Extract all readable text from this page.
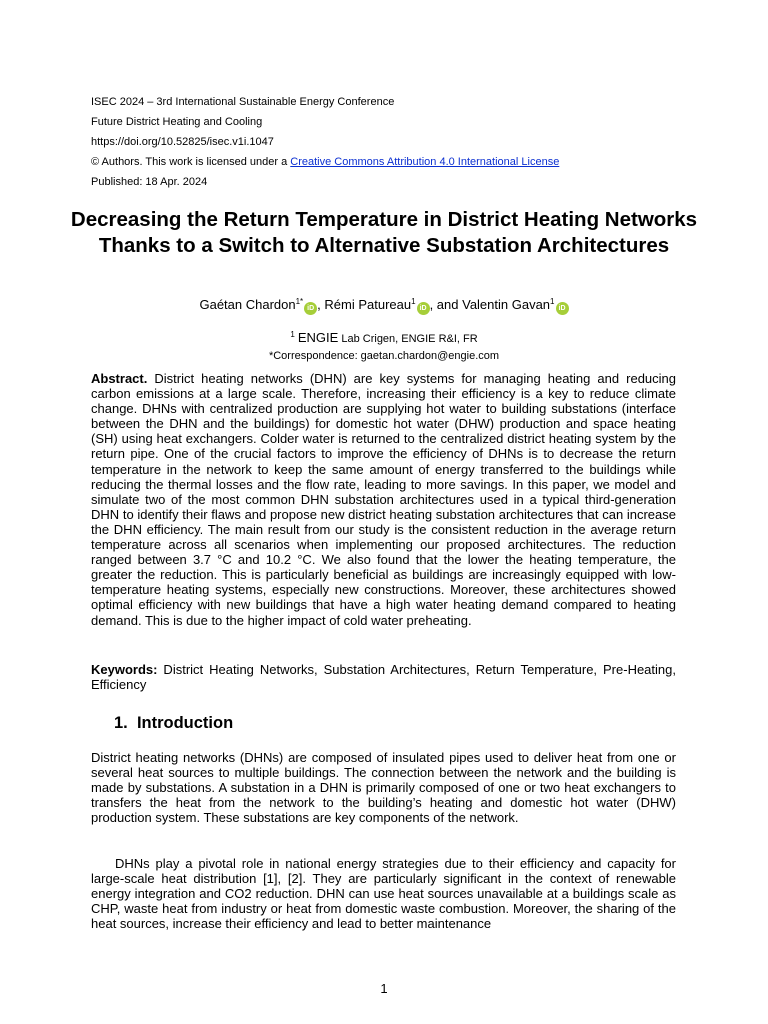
ISEC 2024 – 3rd International Sustainable Energy Conference
Future District Heating and Cooling
https://doi.org/10.52825/isec.v1i.1047
© Authors. This work is licensed under a Creative Commons Attribution 4.0 International License
Published: 18 Apr. 2024
Decreasing the Return Temperature in District Heating Networks Thanks to a Switch to Alternative Substation Architectures
Gaétan Chardon$^{1*}$iD , Rémi Patureau$^1$iD , and Valentin Gavan$^1$iD
$^1$ ENGIE Lab Crigen, ENGIE R&I, FR
*Correspondence: gaetan.chardon@engie.com
Abstract. District heating networks (DHN) are key systems for managing heating and reducing carbon emissions at a large scale. Therefore, increasing their efficiency is a key to reduce climate change. DHNs with centralized production are supplying hot water to building substations (interface between the DHN and the buildings) for domestic hot water (DHW) production and space heating (SH) using heat exchangers. Colder water is returned to the centralized district heating system by the return pipe. One of the crucial factors to improve the efficiency of DHNs is to decrease the return temperature in the network to keep the same amount of energy transferred to the buildings while reducing the thermal losses and the flow rate, leading to more savings. In this paper, we model and simulate two of the most common DHN substation architectures used in a typical third-generation DHN to identify their flaws and propose new district heating substation architectures that can increase the DHN efficiency. The main result from our study is the consistent reduction in the average return temperature across all scenarios when implementing our proposed architectures. The reduction ranged between 3.7 °C and 10.2 °C. We also found that the lower the heating temperature, the greater the reduction. This is particularly beneficial as buildings are increasingly equipped with low-temperature heating systems, especially new constructions. Moreover, these architectures showed optimal efficiency with new buildings that have a high water heating demand compared to heating demand. This is due to the higher impact of cold water preheating.
Keywords: District Heating Networks, Substation Architectures, Return Temperature, Pre-Heating, Efficiency
1. Introduction
District heating networks (DHNs) are composed of insulated pipes used to deliver heat from one or several heat sources to multiple buildings. The connection between the network and the building is made by substations. A substation in a DHN is primarily composed of one or two heat exchangers to transfers the heat from the network to the building’s heating and domestic hot water (DHW) production system. These substations are key components of the network.
DHNs play a pivotal role in national energy strategies due to their efficiency and capacity for large-scale heat distribution [1], [2]. They are particularly significant in the context of renewable energy integration and CO2 reduction. DHN can use heat sources unavailable at a buildings scale as CHP, waste heat from industry or heat from domestic waste combustion. Moreover, the sharing of the heat sources, increase their efficiency and lead to better maintenance
1
